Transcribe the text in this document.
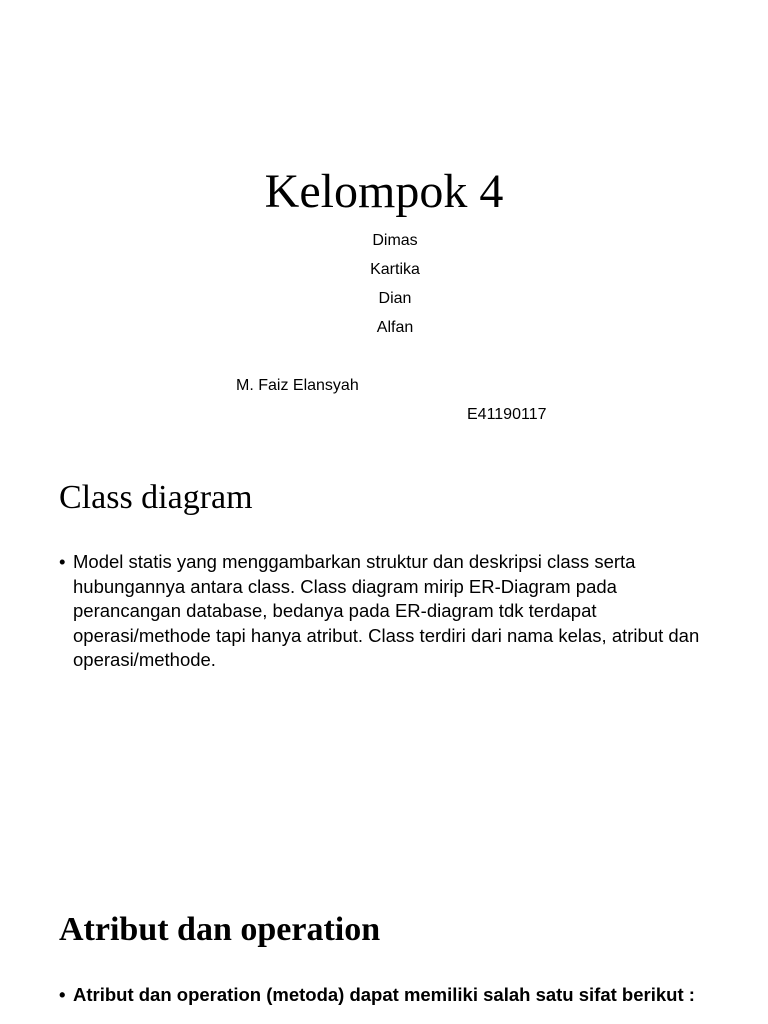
Kelompok 4
Dimas
Kartika
Dian
Alfan

M. Faiz Elansyah

E41190117

Class diagram
• Model statis yang menggambarkan struktur dan deskripsi class serta hubungannya antara class. Class diagram mirip ER-Diagram pada perancangan database, bedanya pada ER-diagram tdk terdapat operasi/methode tapi hanya atribut. Class terdiri dari nama kelas, atribut dan operasi/methode.
Atribut dan operation
• Atribut dan operation (metoda) dapat memiliki salah satu sifat berikut :
